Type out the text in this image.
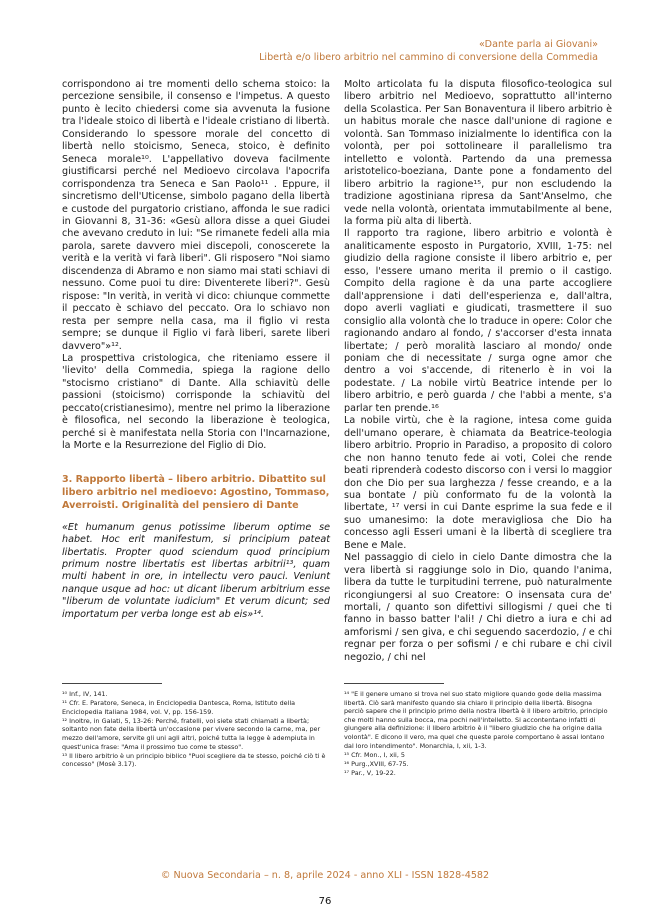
«Dante parla ai Giovani»
Libertà e/o libero arbitrio nel cammino di conversione della Commedia

corrispondono ai tre momenti dello schema stoico: la percezione sensibile, il consenso e l'impetus. A questo punto è lecito chiedersi come sia avvenuta la fusione tra l'ideale stoico di libertà e l'ideale cristiano di libertà.

Considerando lo spessore morale del concetto di libertà nello stoicismo, Seneca, stoico, è definito Seneca morale¹⁰. L'appellativo doveva facilmente giustificarsi perché nel Medioevo circolava l'apocrifa corrispondenza tra Seneca e San Paolo¹¹ . Eppure, il sincretismo dell'Uticense, simbolo pagano della libertà e custode del purgatorio cristiano, affonda le sue radici in Giovanni 8, 31-36: «Gesù allora disse a quei Giudei che avevano creduto in lui: "Se rimanete fedeli alla mia parola, sarete davvero miei discepoli, conoscerete la verità e la verità vi farà liberi". Gli risposero "Noi siamo discendenza di Abramo e non siamo mai stati schiavi di nessuno. Come puoi tu dire: Diventerete liberi?". Gesù rispose: "In verità, in verità vi dico: chiunque commette il peccato è schiavo del peccato. Ora lo schiavo non resta per sempre nella casa, ma il figlio vi resta sempre; se dunque il Figlio vi farà liberi, sarete liberi davvero"»¹².

La prospettiva cristologica, che riteniamo essere il 'lievito' della Commedia, spiega la ragione dello "stocismo cristiano" di Dante. Alla schiavitù delle passioni (stoicismo) corrisponde la schiavitù del peccato(cristianesimo), mentre nel primo la liberazione è filosofica, nel secondo la liberazione è teologica, perché si è manifestata nella Storia con l'Incarnazione, la Morte e la Resurrezione del Figlio di Dio.

3. Rapporto libertà – libero arbitrio. Dibattito sul libero arbitrio nel medioevo: Agostino, Tommaso, Averroisti. Originalità del pensiero di Dante

«Et humanum genus potissime liberum optime se habet. Hoc erit manifestum, si principium pateat libertatis. Propter quod sciendum quod principium primum nostre libertatis est libertas arbitrii¹³, quam multi habent in ore, in intellectu vero pauci. Veniunt nanque usque ad hoc: ut dicant liberum arbitrium esse "liberum de voluntate iudicium" Et verum dicunt; sed importatum per verba longe est ab eis»¹⁴.

Molto articolata fu la disputa filosofico-teologica sul libero arbitrio nel Medioevo, soprattutto all'interno della Scolastica. Per San Bonaventura il libero arbitrio è un habitus morale che nasce dall'unione di ragione e volontà. San Tommaso inizialmente lo identifica con la volontà, per poi sottolineare il parallelismo tra intelletto e volontà. Partendo da una premessa aristotelico-boeziana, Dante pone a fondamento del libero arbitrio la ragione¹⁵, pur non escludendo la tradizione agostiniana ripresa da Sant'Anselmo, che vede nella volontà, orientata immutabilmente al bene, la forma più alta di libertà.

Il rapporto tra ragione, libero arbitrio e volontà è analiticamente esposto in Purgatorio, XVIII, 1-75: nel giudizio della ragione consiste il libero arbitrio e, per esso, l'essere umano merita il premio o il castigo. Compito della ragione è da una parte accogliere dall'apprensione i dati dell'esperienza e, dall'altra, dopo averli vagliati e giudicati, trasmettere il suo consiglio alla volontà che lo traduce in opere: Color che ragionando andaro al fondo, / s'accorser d'esta innata libertate; / però moralità lasciaro al mondo/ onde poniam che di necessitate / surga ogne amor che dentro a voi s'accende, di ritenerlo è in voi la podestate. / La nobile virtù Beatrice intende per lo libero arbitrio, e però guarda / che l'abbi a mente, s'a parlar ten prende.¹⁶

La nobile virtù, che è la ragione, intesa come guida dell'umano operare, è chiamata da Beatrice-teologia libero arbitrio. Proprio in Paradiso, a proposito di coloro che non hanno tenuto fede ai voti, Colei che rende beati riprenderà codesto discorso con i versi lo maggior don che Dio per sua larghezza / fesse creando, e a la sua bontate / più conformato fu de la volontà la libertate, ¹⁷ versi in cui Dante esprime la sua fede e il suo umanesimo: la dote meravigliosa che Dio ha concesso agli Esseri umani è la libertà di scegliere tra Bene e Male.

Nel passaggio di cielo in cielo Dante dimostra che la vera libertà si raggiunge solo in Dio, quando l'anima, libera da tutte le turpitudini terrene, può naturalmente ricongiungersi al suo Creatore: O insensata cura de' mortali, / quanto son difettivi sillogismi / quei che ti fanno in basso batter l'ali! / Chi dietro a iura e chi ad amforismi / sen giva, e chi seguendo sacerdozio, / e chi regnar per forza o per sofismi / e chi rubare e chi civil negozio, / chi nel

¹⁰ Inf., IV, 141.

¹¹ Cfr. E. Paratore, Seneca, in Enciclopedia Dantesca, Roma, Istituto della Enciclopedia Italiana 1984, vol. V, pp. 156-159.

¹² Inoltre, in Galati, 5, 13-26: Perché, fratelli, voi siete stati chiamati a libertà; soltanto non fate della libertà un'occasione per vivere secondo la carne, ma, per mezzo dell'amore, servite gli uni agli altri, poiché tutta la legge è adempiuta in quest'unica frase: "Ama il prossimo tuo come te stesso".

¹³ Il libero arbitrio è un principio biblico "Puoi scegliere da te stesso, poiché ciò ti è concesso" (Mosè 3.17).

¹⁴ "E il genere umano si trova nel suo stato migliore quando gode della massima libertà. Ciò sarà manifesto quando sia chiaro il principio della libertà. Bisogna perciò sapere che il principio primo della nostra libertà è il libero arbitrio, principio che molti hanno sulla bocca, ma pochi nell'intelletto. Si accontentano infatti di giungere alla definizione: il libero arbitrio è il "libero giudizio che ha origine dalla volontà". E dicono il vero, ma quel che queste parole comportano è assai lontano dal loro intendimento". Monarchia, I, xii, 1-3.

¹⁵ Cfr. Mon., I, xii, 5

¹⁶ Purg.,XVIII, 67-75.

¹⁷ Par., V, 19-22.

© Nuova Secondaria – n. 8, aprile 2024 - anno XLI - ISSN 1828-4582
76
